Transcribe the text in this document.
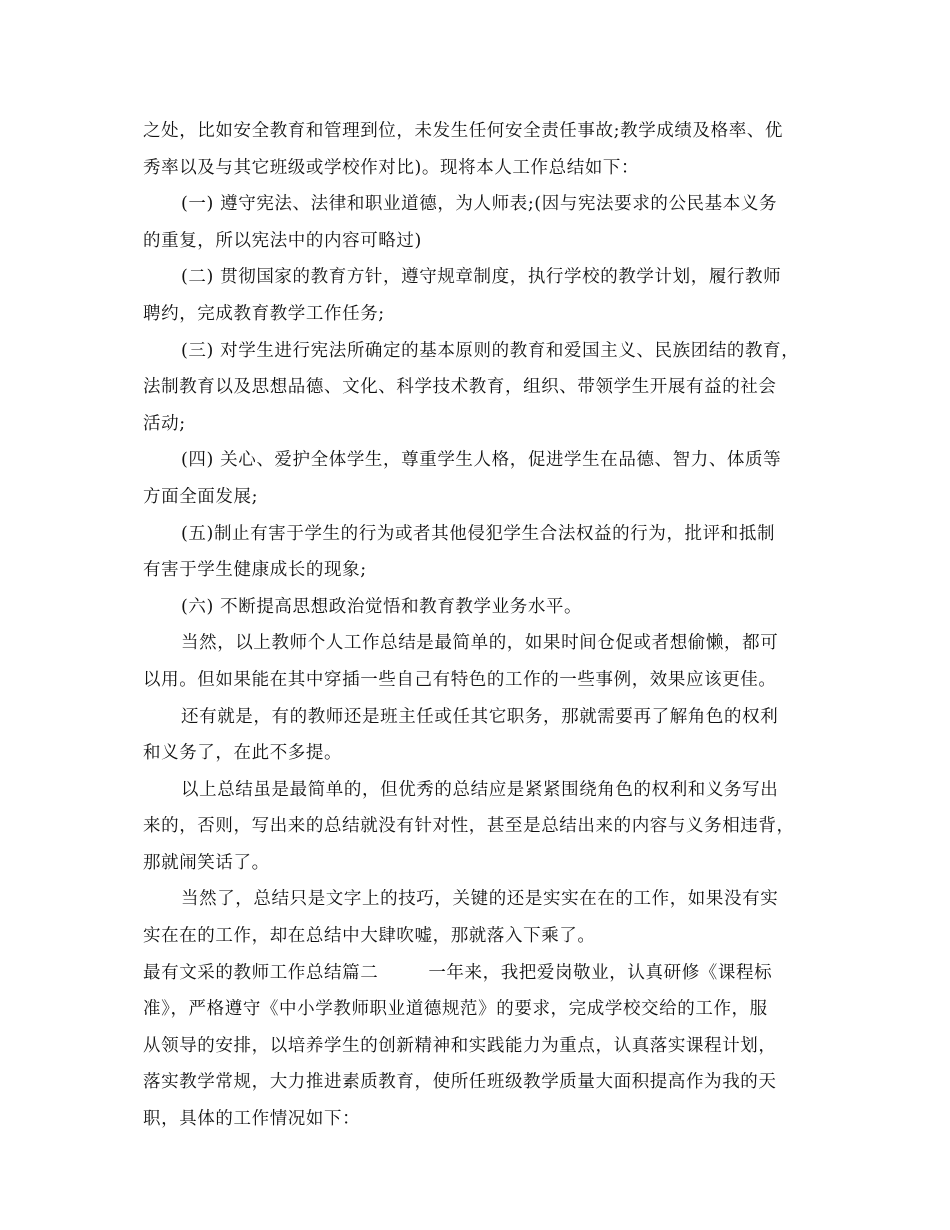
之处，比如安全教育和管理到位，未发生任何安全责任事故;教学成绩及格率、优
秀率以及与其它班级或学校作对比)。现将本人工作总结如下：
(一) 遵守宪法、法律和职业道德，为人师表;(因与宪法要求的公民基本义务
的重复，所以宪法中的内容可略过)
(二) 贯彻国家的教育方针，遵守规章制度，执行学校的教学计划，履行教师
聘约，完成教育教学工作任务;
(三) 对学生进行宪法所确定的基本原则的教育和爱国主义、民族团结的教育，
法制教育以及思想品德、文化、科学技术教育，组织、带领学生开展有益的社会
活动;
(四) 关心、爱护全体学生，尊重学生人格，促进学生在品德、智力、体质等
方面全面发展;
(五)制止有害于学生的行为或者其他侵犯学生合法权益的行为，批评和抵制
有害于学生健康成长的现象;
(六) 不断提高思想政治觉悟和教育教学业务水平。
当然，以上教师个人工作总结是最简单的，如果时间仓促或者想偷懒，都可
以用。但如果能在其中穿插一些自己有特色的工作的一些事例，效果应该更佳。
还有就是，有的教师还是班主任或任其它职务，那就需要再了解角色的权利
和义务了，在此不多提。
以上总结虽是最简单的，但优秀的总结应是紧紧围绕角色的权利和义务写出
来的，否则，写出来的总结就没有针对性，甚至是总结出来的内容与义务相违背，
那就闹笑话了。
当然了，总结只是文字上的技巧，关键的还是实实在在的工作，如果没有实
实在在的工作，却在总结中大肆吹嘘，那就落入下乘了。
最有文采的教师工作总结篇二	一年来，我把爱岗敬业，认真研修《课程标
准》，严格遵守《中小学教师职业道德规范》的要求，完成学校交给的工作，服
从领导的安排，以培养学生的创新精神和实践能力为重点，认真落实课程计划，
落实教学常规，大力推进素质教育，使所任班级教学质量大面积提高作为我的天
职，具体的工作情况如下：
